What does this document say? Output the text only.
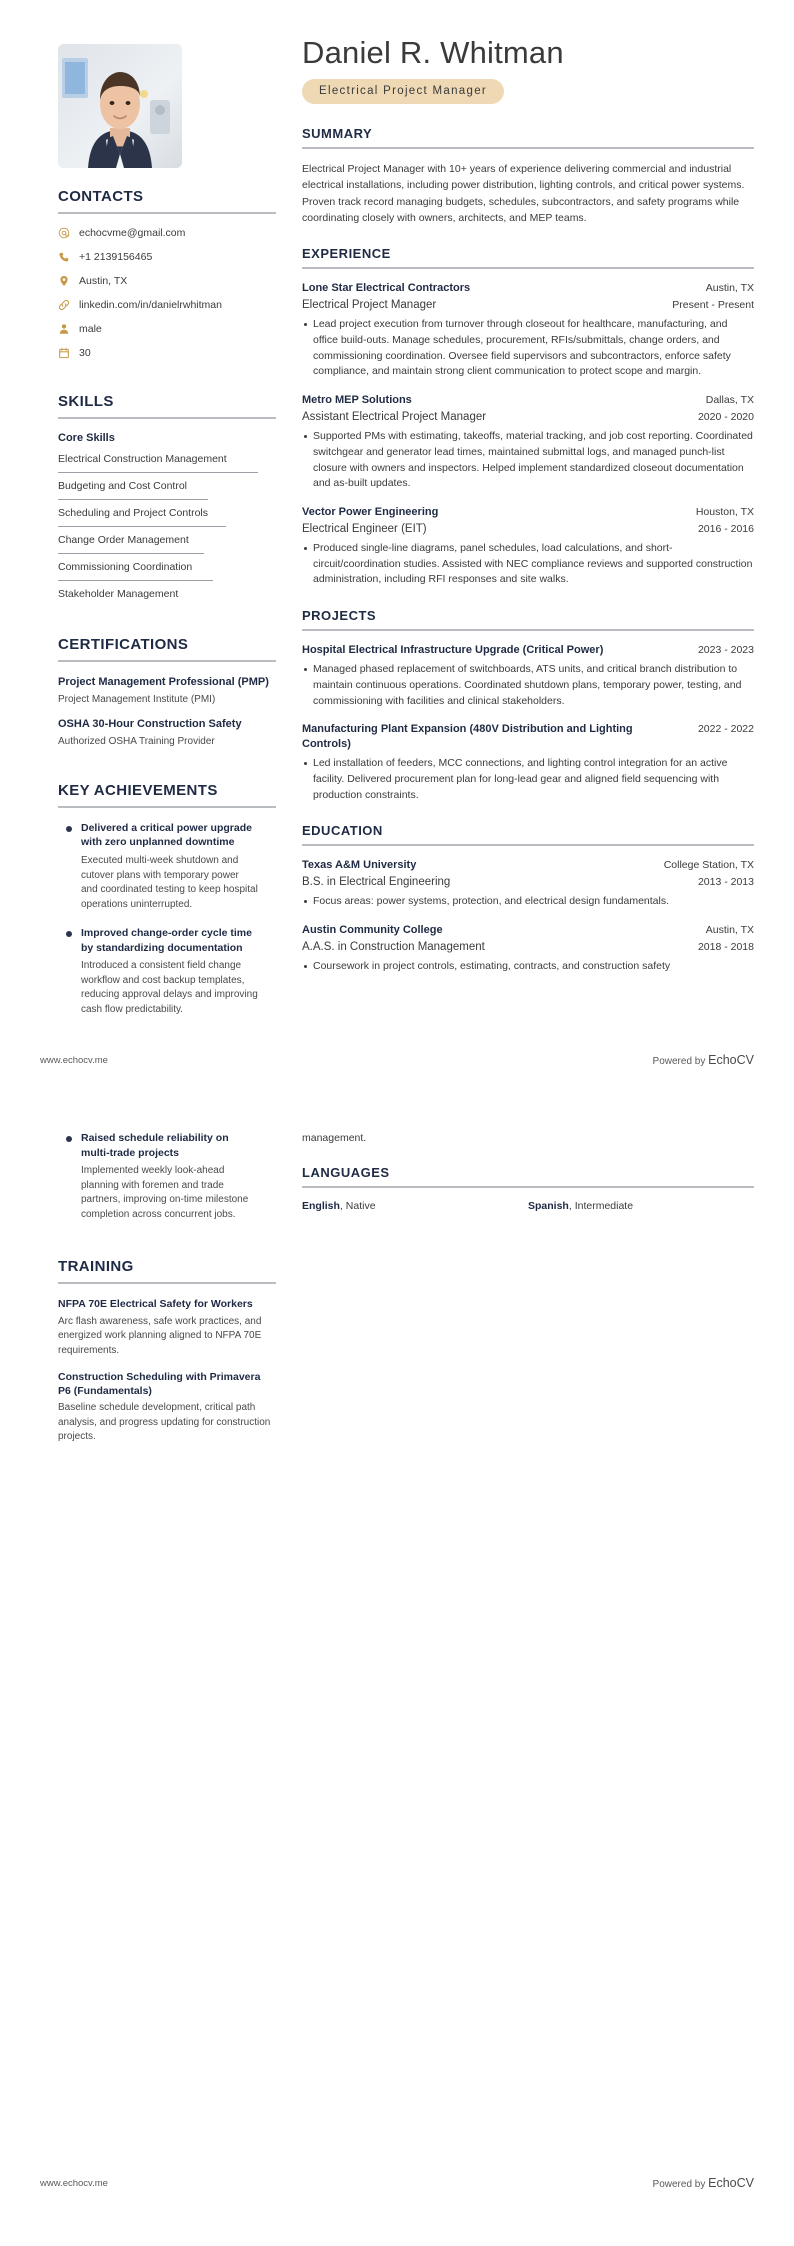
CONTACTS
echocvme@gmail.com
+1 2139156465
Austin, TX
linkedin.com/in/danielrwhitman
male
30
SKILLS
Core Skills
Electrical Construction Management
Budgeting and Cost Control
Scheduling and Project Controls
Change Order Management
Commissioning Coordination
Stakeholder Management
CERTIFICATIONS
Project Management Professional (PMP)
Project Management Institute (PMI)
OSHA 30-Hour Construction Safety
Authorized OSHA Training Provider
KEY ACHIEVEMENTS
Delivered a critical power upgrade with zero unplanned downtime
Executed multi-week shutdown and cutover plans with temporary power and coordinated testing to keep hospital operations uninterrupted.
Improved change-order cycle time by standardizing documentation
Introduced a consistent field change workflow and cost backup templates, reducing approval delays and improving cash flow predictability.
Daniel R. Whitman
Electrical Project Manager
SUMMARY
Electrical Project Manager with 10+ years of experience delivering commercial and industrial electrical installations, including power distribution, lighting controls, and critical power systems. Proven track record managing budgets, schedules, subcontractors, and safety programs while coordinating closely with owners, architects, and MEP teams.
EXPERIENCE
Lone Star Electrical Contractors	Austin, TX
Electrical Project Manager	Present - Present
Lead project execution from turnover through closeout for healthcare, manufacturing, and office build-outs. Manage schedules, procurement, RFIs/submittals, change orders, and commissioning coordination. Oversee field supervisors and subcontractors, enforce safety compliance, and maintain strong client communication to protect scope and margin.
Metro MEP Solutions	Dallas, TX
Assistant Electrical Project Manager	2020 - 2020
Supported PMs with estimating, takeoffs, material tracking, and job cost reporting. Coordinated switchgear and generator lead times, maintained submittal logs, and managed punch-list closure with owners and inspectors. Helped implement standardized closeout documentation and as-built updates.
Vector Power Engineering	Houston, TX
Electrical Engineer (EIT)	2016 - 2016
Produced single-line diagrams, panel schedules, load calculations, and short-circuit/coordination studies. Assisted with NEC compliance reviews and supported construction administration, including RFI responses and site walks.
PROJECTS
Hospital Electrical Infrastructure Upgrade (Critical Power)	2023 - 2023
Managed phased replacement of switchboards, ATS units, and critical branch distribution to maintain continuous operations. Coordinated shutdown plans, temporary power, testing, and commissioning with facilities and clinical stakeholders.
Manufacturing Plant Expansion (480V Distribution and Lighting Controls)
2022 - 2022
Led installation of feeders, MCC connections, and lighting control integration for an active facility. Delivered procurement plan for long-lead gear and aligned field sequencing with production constraints.
EDUCATION
Texas A&M University	College Station, TX
B.S. in Electrical Engineering	2013 - 2013
Focus areas: power systems, protection, and electrical design fundamentals.
Austin Community College	Austin, TX
A.A.S. in Construction Management	2018 - 2018
Coursework in project controls, estimating, contracts, and construction safety
www.echocv.me	Powered by EchoCV
Raised schedule reliability on multi-trade projects
Implemented weekly look-ahead planning with foremen and trade partners, improving on-time milestone completion across concurrent jobs.
TRAINING
NFPA 70E Electrical Safety for Workers
Arc flash awareness, safe work practices, and energized work planning aligned to NFPA 70E requirements.
Construction Scheduling with Primavera P6 (Fundamentals)
Baseline schedule development, critical path analysis, and progress updating for construction projects.
management.
LANGUAGES
English, Native	Spanish, Intermediate
www.echocv.me	Powered by EchoCV
